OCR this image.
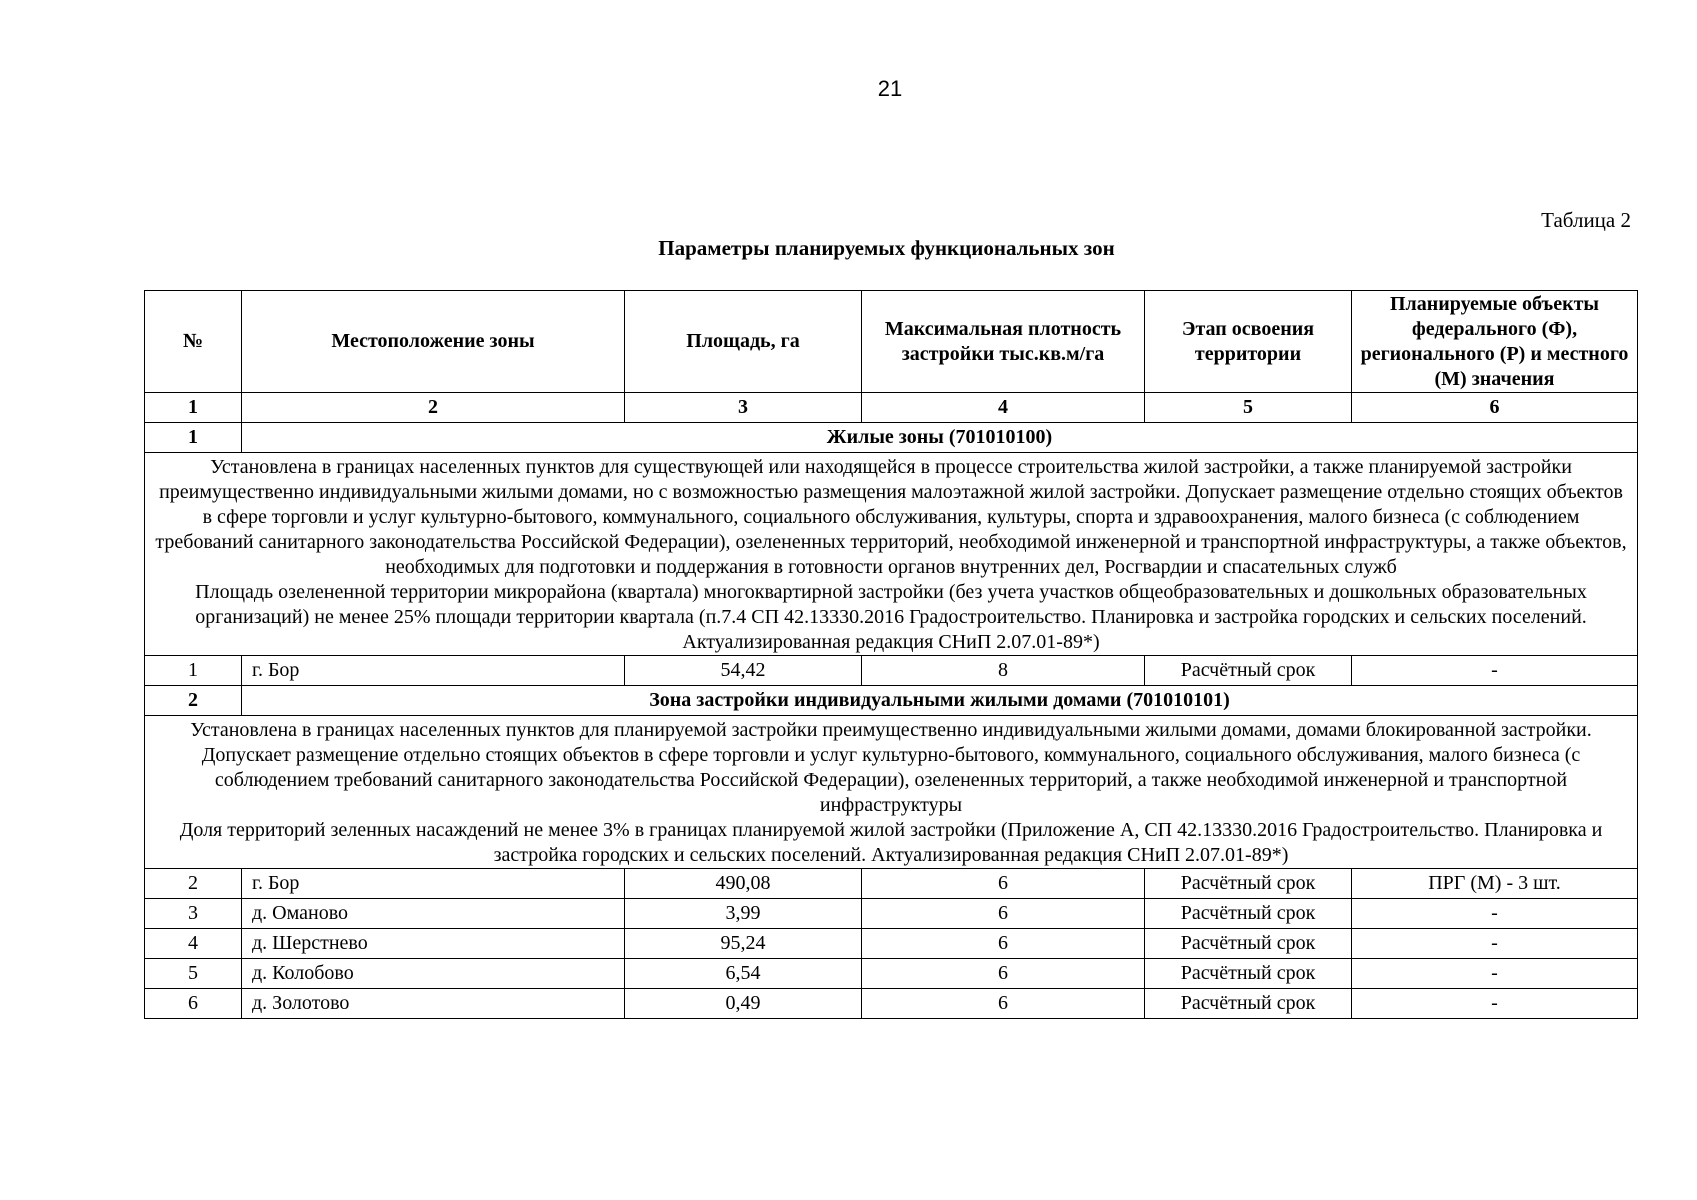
21
Таблица 2
Параметры планируемых функциональных зон
№	Местоположение зоны	Площадь, га	Максимальная плотность застройки тыс.кв.м/га	Этап освоения территории	Планируемые объекты федерального (Ф), регионального (Р) и местного (М) значения
1	2	3	4	5	6
1	Жилые зоны (701010100)				

Установлена в границах населенных пунктов для существующей или находящейся в процессе строительства жилой застройки, а также планируемой застройки преимущественно индивидуальными жилыми домами, но с возможностью размещения малоэтажной жилой застройки. Допускает размещение отдельно стоящих объектов в сфере торговли и услуг культурно-бытового, коммунального, социального обслуживания, культуры, спорта и здравоохранения, малого бизнеса (с соблюдением требований санитарного законодательства Российской Федерации), озелененных территорий, необходимой инженерной и транспортной инфраструктуры, а также объектов, необходимых для подготовки и поддержания в готовности органов внутренних дел, Росгвардии и спасательных служб
Площадь озелененной территории микрорайона (квартала) многоквартирной застройки (без учета участков общеобразовательных и дошкольных образовательных организаций) не менее 25% площади территории квартала (п.7.4 СП 42.13330.2016 Градостроительство. Планировка и застройка городских и сельских поселений. Актуализированная редакция СНиП 2.07.01-89*)					

1	г. Бор	54,42	8	Расчётный срок	-
2	Зона застройки индивидуальными жилыми домами (701010101)				

Установлена в границах населенных пунктов для планируемой застройки преимущественно индивидуальными жилыми домами, домами блокированной застройки. Допускает размещение отдельно стоящих объектов в сфере торговли и услуг культурно-бытового, коммунального, социального обслуживания, малого бизнеса (с соблюдением требований санитарного законодательства Российской Федерации), озелененных территорий, а также необходимой инженерной и транспортной инфраструктуры
Доля территорий зеленных насаждений не менее 3% в границах планируемой жилой застройки (Приложение А, СП 42.13330.2016 Градостроительство. Планировка и застройка городских и сельских поселений. Актуализированная редакция СНиП 2.07.01-89*)					

2	г. Бор	490,08	6	Расчётный срок	ПРГ (М) - 3 шт.
3	д. Оманово	3,99	6	Расчётный срок	-
4	д. Шерстнево	95,24	6	Расчётный срок	-
5	д. Колобово	6,54	6	Расчётный срок	-
6	д. Золотово	0,49	6	Расчётный срок	-
